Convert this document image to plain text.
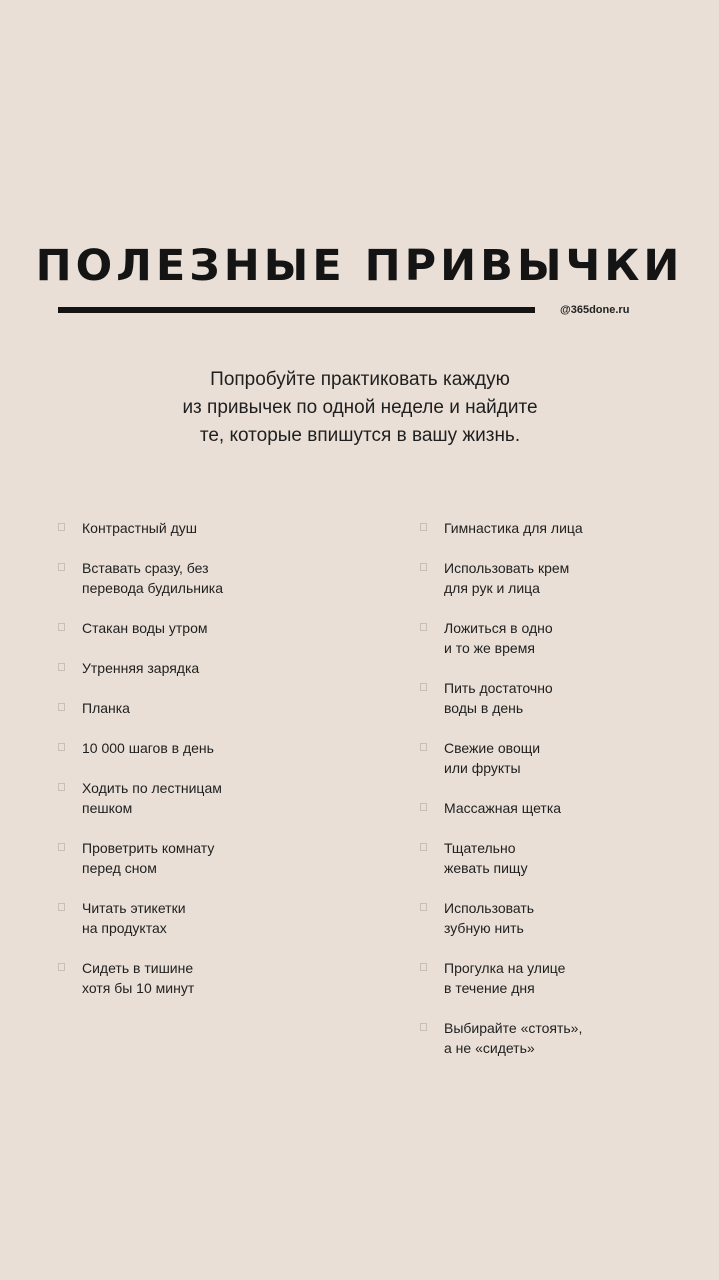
ПОЛЕЗНЫЕ ПРИВЫЧКИ
@365done.ru
Попробуйте практиковать каждую
из привычек по одной неделе и найдите
те, которые впишутся в вашу жизнь.
Контрастный душ
Вставать сразу, без
перевода будильника
Стакан воды утром
Утренняя зарядка
Планка
10 000 шагов в день
Ходить по лестницам
пешком
Проветрить комнату
перед сном
Читать этикетки
на продуктах
Сидеть в тишине
хотя бы 10 минут
Гимнастика для лица
Использовать крем
для рук и лица
Ложиться в одно
и то же время
Пить достаточно
воды в день
Свежие овощи
или фрукты
Массажная щетка
Тщательно
жевать пищу
Использовать
зубную нить
Прогулка на улице
в течение дня
Выбирайте «стоять»,
а не «сидеть»
